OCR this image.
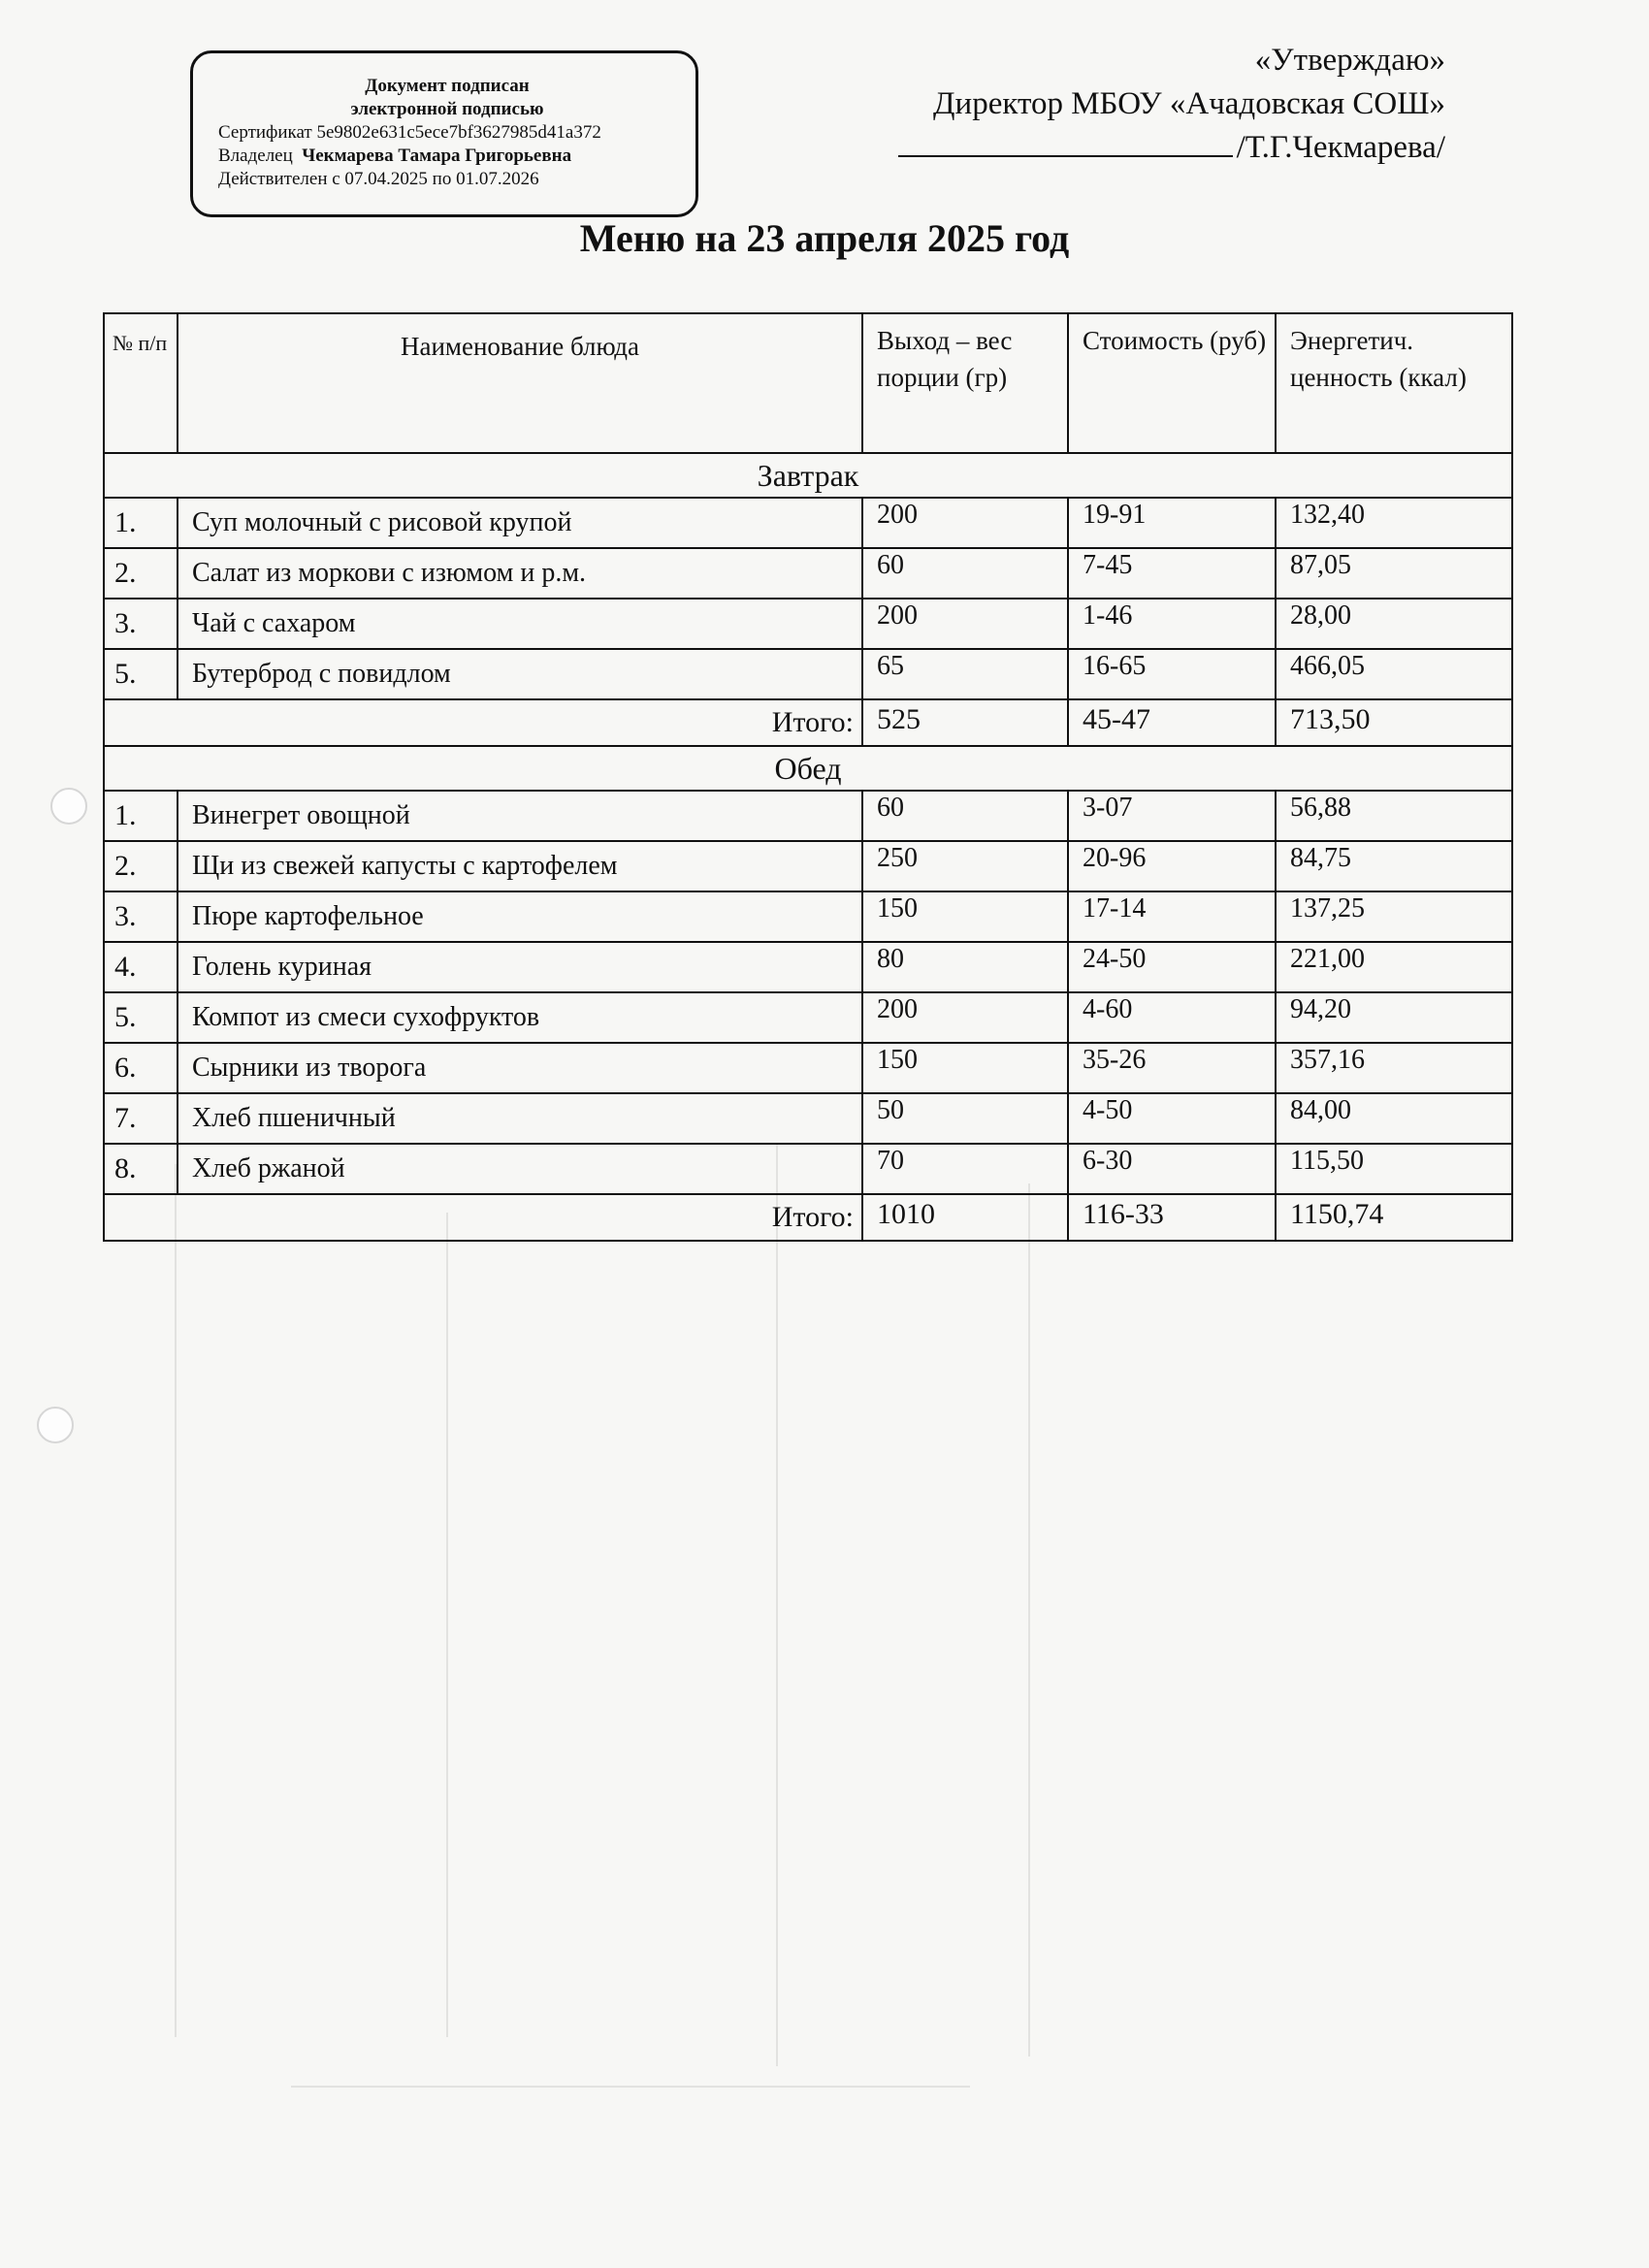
Документ подписан
электронной подписью
Сертификат 5e9802e631c5ece7bf3627985d41a372
Владелец Чекмарева Тамара Григорьевна
Действителен с 07.04.2025 по 01.07.2026
«Утверждаю»
Директор МБОУ «Ачадовская СОШ»
/Т.Г.Чекмарева/
Меню на 23 апреля 2025 год
№ п/п	Наименование блюда	Выход – вес порции (гр)	Стоимость (руб)	Энергетич. ценность (ккал)
Завтрак				
1.	Суп молочный с рисовой крупой	200	19-91	132,40
2.	Салат из моркови с изюмом и р.м.	60	7-45	87,05
3.	Чай с сахаром	200	1-46	28,00
5.	Бутерброд с повидлом	65	16-65	466,05
Итого:		525	45-47	713,50
Обед				
1.	Винегрет овощной	60	3-07	56,88
2.	Щи из свежей капусты с картофелем	250	20-96	84,75
3.	Пюре картофельное	150	17-14	137,25
4.	Голень куриная	80	24-50	221,00
5.	Компот из смеси сухофруктов	200	4-60	94,20
6.	Сырники из творога	150	35-26	357,16
7.	Хлеб пшеничный	50	4-50	84,00
8.	Хлеб ржаной	70	6-30	115,50
Итого:		1010	116-33	1150,74
